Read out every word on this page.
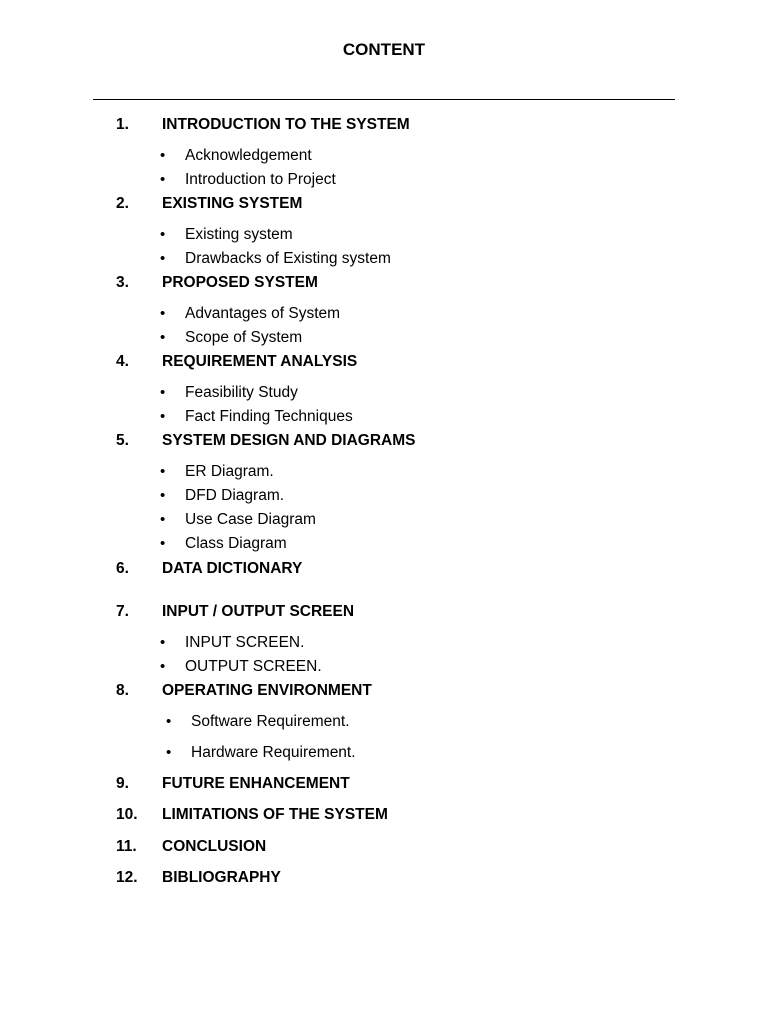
CONTENT
1. INTRODUCTION TO THE SYSTEM
• Acknowledgement
• Introduction to Project
2. EXISTING SYSTEM
• Existing system
• Drawbacks of Existing system
3. PROPOSED SYSTEM
• Advantages of System
• Scope of System
4. REQUIREMENT ANALYSIS
• Feasibility Study
• Fact Finding Techniques
5. SYSTEM DESIGN AND DIAGRAMS
• ER Diagram.
• DFD Diagram.
• Use Case Diagram
• Class Diagram
6. DATA DICTIONARY
7. INPUT / OUTPUT SCREEN
• INPUT SCREEN.
• OUTPUT SCREEN.
8. OPERATING ENVIRONMENT
• Software Requirement.
• Hardware Requirement.
9. FUTURE ENHANCEMENT
10. LIMITATIONS OF THE SYSTEM
11. CONCLUSION
12. BIBLIOGRAPHY
